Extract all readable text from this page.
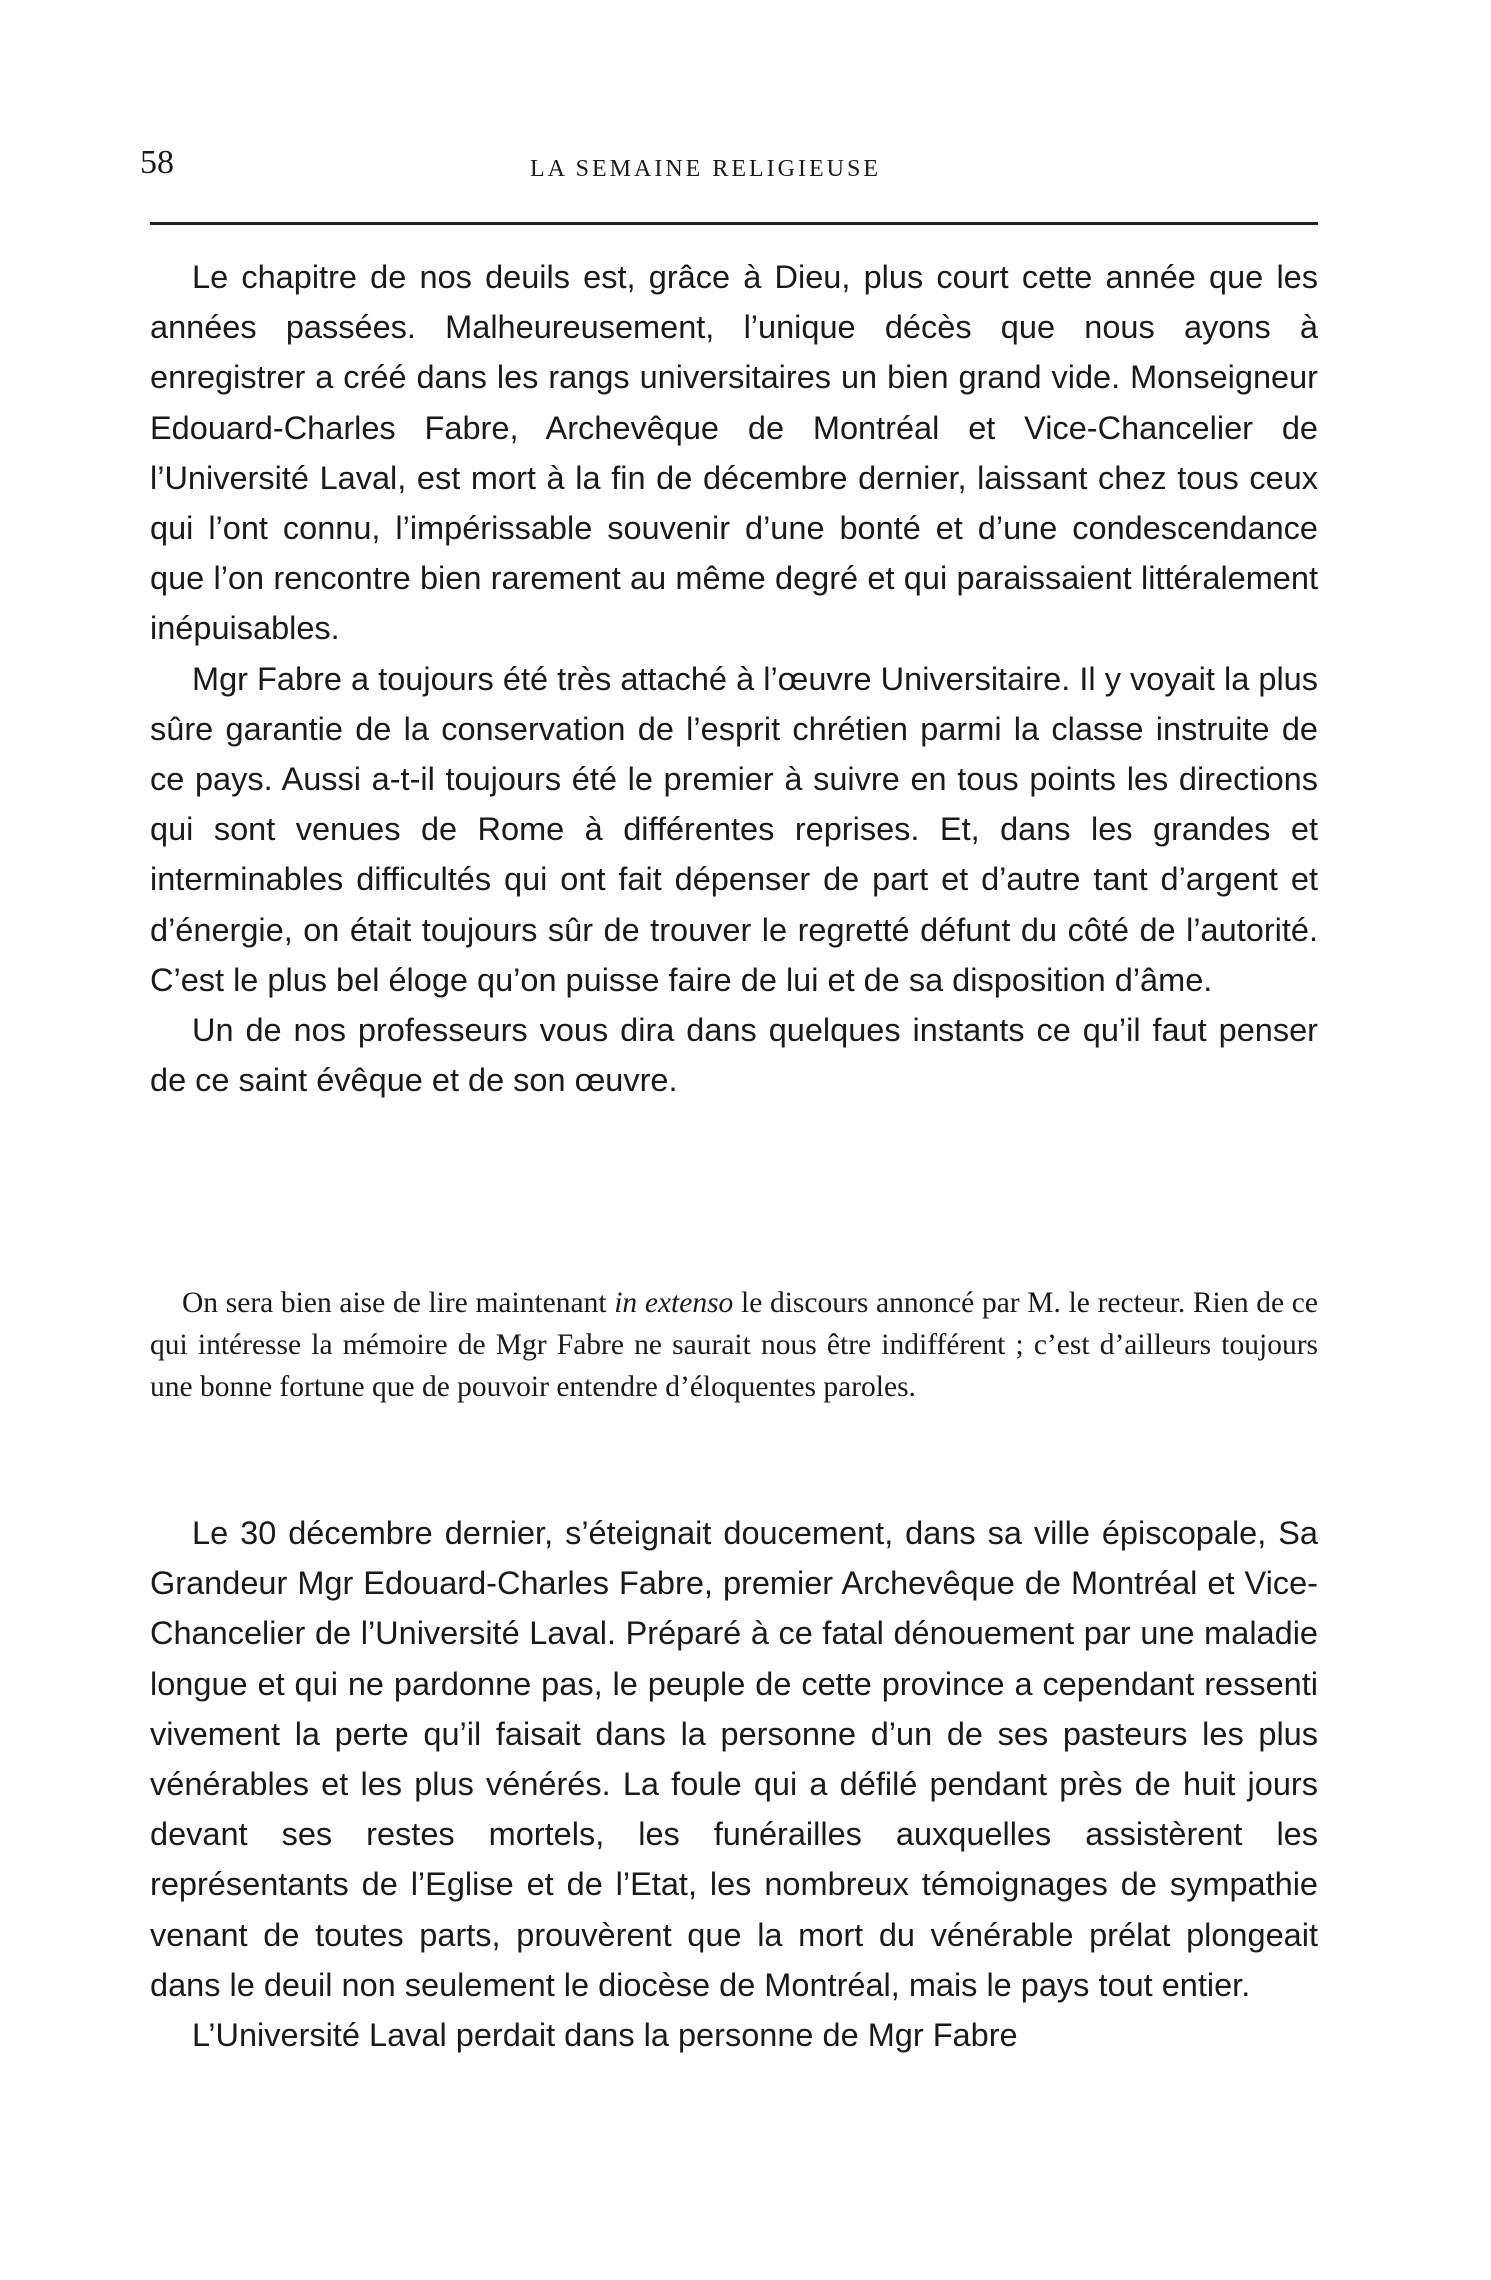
58	LA SEMAINE RELIGIEUSE

Le chapitre de nos deuils est, grâce à Dieu, plus court cette année que les années passées. Malheureusement, l’unique décès que nous ayons à enregistrer a créé dans les rangs universitaires un bien grand vide. Monseigneur Edouard-Charles Fabre, Archevêque de Montréal et Vice-Chancelier de l’Université Laval, est mort à la fin de décembre dernier, laissant chez tous ceux qui l’ont connu, l’impérissable souvenir d’une bonté et d’une condescendance que l’on rencontre bien rarement au même degré et qui paraissaient littéralement inépuisables.

Mgr Fabre a toujours été très attaché à l’œuvre Universitaire. Il y voyait la plus sûre garantie de la conservation de l’esprit chrétien parmi la classe instruite de ce pays. Aussi a-t-il toujours été le premier à suivre en tous points les directions qui sont venues de Rome à différentes reprises. Et, dans les grandes et interminables difficultés qui ont fait dépenser de part et d’autre tant d’argent et d’énergie, on était toujours sûr de trouver le regretté défunt du côté de l’autorité. C’est le plus bel éloge qu’on puisse faire de lui et de sa disposition d’âme.

Un de nos professeurs vous dira dans quelques instants ce qu’il faut penser de ce saint évêque et de son œuvre.

On sera bien aise de lire maintenant in extenso le discours annoncé par M. le recteur. Rien de ce qui intéresse la mémoire de Mgr Fabre ne saurait nous être indifférent ; c’est d’ailleurs toujours une bonne fortune que de pouvoir entendre d’éloquentes paroles.

Le 30 décembre dernier, s’éteignait doucement, dans sa ville épiscopale, Sa Grandeur Mgr Edouard-Charles Fabre, premier Archevêque de Montréal et Vice-Chancelier de l’Université Laval. Préparé à ce fatal dénouement par une maladie longue et qui ne pardonne pas, le peuple de cette province a cependant ressenti vivement la perte qu’il faisait dans la personne d’un de ses pasteurs les plus vénérables et les plus vénérés. La foule qui a défilé pendant près de huit jours devant ses restes mortels, les funérailles auxquelles assistèrent les représentants de l’Eglise et de l’Etat, les nombreux témoignages de sympathie venant de toutes parts, prouvèrent que la mort du vénérable prélat plongeait dans le deuil non seulement le diocèse de Montréal, mais le pays tout entier.

L’Université Laval perdait dans la personne de Mgr Fabre
